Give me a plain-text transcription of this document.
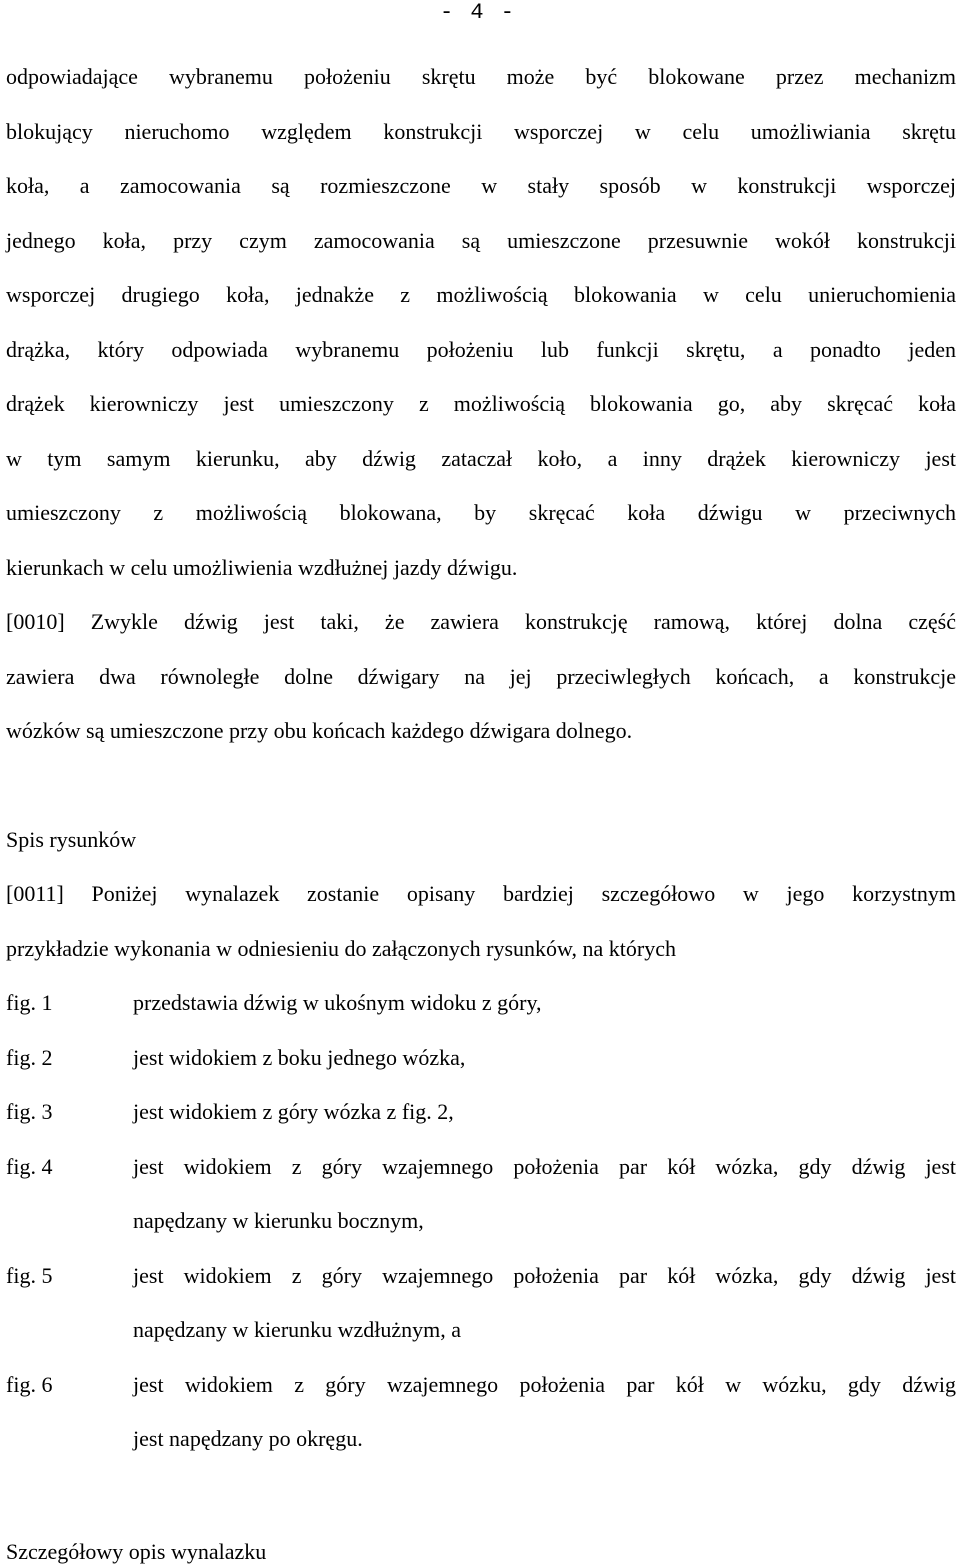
- 4 -

odpowiadające wybranemu położeniu skrętu może być blokowane przez mechanizm
blokujący nieruchomo względem konstrukcji wsporczej w celu umożliwiania skrętu
koła, a zamocowania są rozmieszczone w stały sposób w konstrukcji wsporczej
jednego koła, przy czym zamocowania są umieszczone przesuwnie wokół konstrukcji
wsporczej drugiego koła, jednakże z możliwością blokowania w celu unieruchomienia
drążka, który odpowiada wybranemu położeniu lub funkcji skrętu, a ponadto jeden
drążek kierowniczy jest umieszczony z możliwością blokowania go, aby skręcać koła
w tym samym kierunku, aby dźwig zataczał koło, a inny drążek kierowniczy jest
umieszczony z możliwością blokowana, by skręcać koła dźwigu w przeciwnych
kierunkach w celu umożliwienia wzdłużnej jazdy dźwigu.

[0010] Zwykle dźwig jest taki, że zawiera konstrukcję ramową, której dolna część
zawiera dwa równoległe dolne dźwigary na jej przeciwległych końcach, a konstrukcje
wózków są umieszczone przy obu końcach każdego dźwigara dolnego.

Spis rysunków

[0011] Poniżej wynalazek zostanie opisany bardziej szczegółowo w jego korzystnym
przykładzie wykonania w odniesieniu do załączonych rysunków, na których

fig. 1	przedstawia dźwig w ukośnym widoku z góry,
fig. 2	jest widokiem z boku jednego wózka,
fig. 3	jest widokiem z góry wózka z fig. 2,
fig. 4	jest widokiem z góry wzajemnego położenia par kół wózka, gdy dźwig jest
napędzany w kierunku bocznym,
fig. 5	jest widokiem z góry wzajemnego położenia par kół wózka, gdy dźwig jest
napędzany w kierunku wzdłużnym, a
fig. 6	jest widokiem z góry wzajemnego położenia par kół w wózku, gdy dźwig
jest napędzany po okręgu.
Szczegółowy opis wynalazku
